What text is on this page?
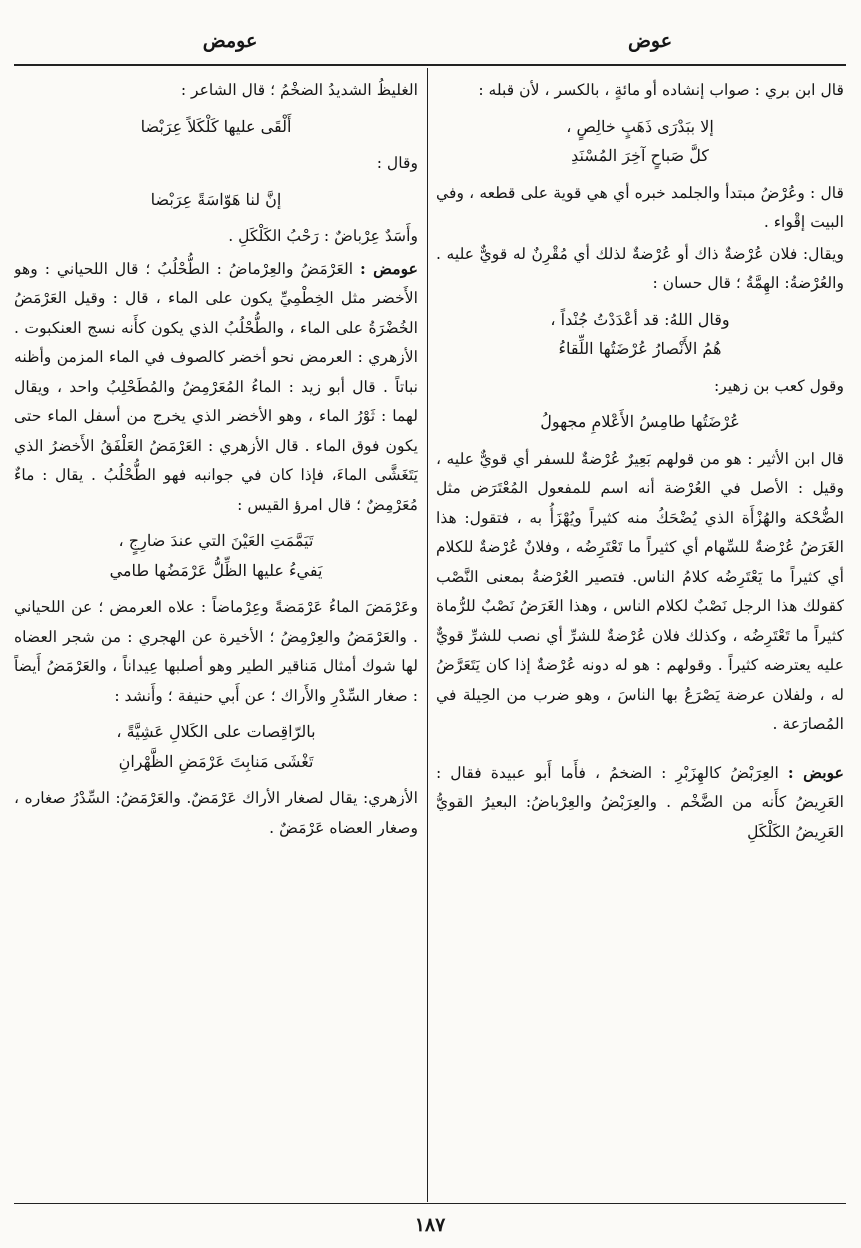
عوض
عومض

قال ابن بري : صواب إنشاده أو مائةٍ ، بالكسر ، لأن قبله :

إلا ببَدْرَى ذَهَبٍ خالِصٍ ،
كلَّ صَباحٍ آخِرَ المُسْنَدِ

قال : وعُرْضُ مبتدأ والجلمد خبره أي هي قوية على قطعه ، وفي البيت إقْواء .

ويقال: فلان عُرْضةٌ ذاك أو عُرْضةٌ لذلك أي مُقْرِنٌ له قويٌّ عليه . والعُرْضةُ: الهِمَّةُ ؛ قال حسان :

وقال اللهُ: قد أعْدَدْتُ جُنْداً ،
هُمُ الأَنْصارُ عُرْضَتُها اللِّقاءُ

وقول كعب بن زهير:

عُرْضَتُها طامِسُ الأَعْلامِ مجهولُ

قال ابن الأثير : هو من قولهم بَعِيرٌ عُرْضةٌ للسفر أي قويٌّ عليه ، وقيل : الأصل في العُرْضة أنه اسم للمفعول المُعْتَرَض مثل الضُّحْكة والهُزْأَة الذي يُضْحَكُ منه كثيراً ويُهْزَأُ به ، فتقول: هذا الغَرَضُ عُرْضةٌ للسِّهام أي كثيراً ما تَعْتَرِضُه ، وفلانٌ عُرْضةٌ للكلام أي كثيراً ما يَعْتَرِضُه كلامُ الناس. فتصير العُرْضةُ بمعنى النَّصْب كقولك هذا الرجل نَصْبٌ لكلام الناس ، وهذا الغَرَضُ نَصْبٌ للرُّماة كثيراً ما تَعْتَرِضُه ، وكذلك فلان عُرْضةٌ للشرِّ أي نصب للشرِّ قويٌّ عليه يعترضه كثيراً . وقولهم : هو له دونه عُرْضةٌ إذا كان يَتَعَرَّضُ له ، ولفلان عرضة يَصْرَعُ بها الناسَ ، وهو ضرب من الحِيلة في المُصارَعة .

عوبض : العِرَبْضُ كالهِزَبْرِ : الضخمُ ، فأَما أَبو عبيدة فقال : العَرِيضُ كأَنه من الضَّخْم . والعِرَبْضُ والعِرْباضُ: البعيرُ القويُّ العَرِيضُ الكَلْكَلِ

الغليظُ الشديدُ الضخْمُ ؛ قال الشاعر :

أَلْقَى عليها كَلْكَلاً عِرَبْضا

وقال :

إنَّ لنا هَوّاسَةً عِرَبْضا

وأَسَدٌ عِرْباضٌ : رَحْبُ الكَلْكَلِ .

عومض : العَرْمَضُ والعِرْماضُ : الطُّحْلُبُ ؛ قال اللحياني : وهو الأَخضر مثل الخِطْمِيِّ يكون على الماء ، قال : وقيل العَرْمَضُ الخُضْرَةُ على الماء ، والطُّحْلُبُ الذي يكون كأَنه نسج العنكبوت . الأزهري : العرمض نحو أخضر كالصوف في الماء المزمن وأظنه نباتاً . قال أبو زيد : الماءُ المُعَرْمِضُ والمُطَحْلِبُ واحد ، ويقال لهما : ثَوْرُ الماء ، وهو الأخضر الذي يخرج من أسفل الماء حتى يكون فوق الماء . قال الأزهري : العَرْمَضُ العَلْفَقُ الأَخضرُ الذي يَتَغَشَّى الماءَ، فإذا كان في جوانبه فهو الطُّحْلُبُ . يقال : ماءٌ مُعَرْمِضٌ ؛ قال امرؤ القيس :

تَيَمَّمَتِ العَيْنَ التي عندَ ضارِجٍ ،
يَفيءُ عليها الظِّلُّ عَرْمَضُها طامي

وعَرْمَضَ الماءُ عَرْمَضةً وعِرْماضاً : علاه العرمض ؛ عن اللحياني . والعَرْمَضُ والعِرْمِضُ ؛ الأخيرة عن الهجري : من شجر العضاه لها شوك أمثال مَناقير الطير وهو أصلبها عِيداناً ، والعَرْمَضُ أَيضاً : صغار السِّدْرِ والأَراك ؛ عن أَبي حنيفة ؛ وأَنشد :

بالرّاقِصات على الكَلالِ عَشِيَّةً ،
تَغْشَى مَنابِتَ عَرْمَضِ الظَّهْرانِ

الأزهري: يقال لصغار الأراك عَرْمَضٌ. والعَرْمَضُ: السِّدْرُ صغاره ، وصغار العضاه عَرْمَضٌ .

١٨٧
